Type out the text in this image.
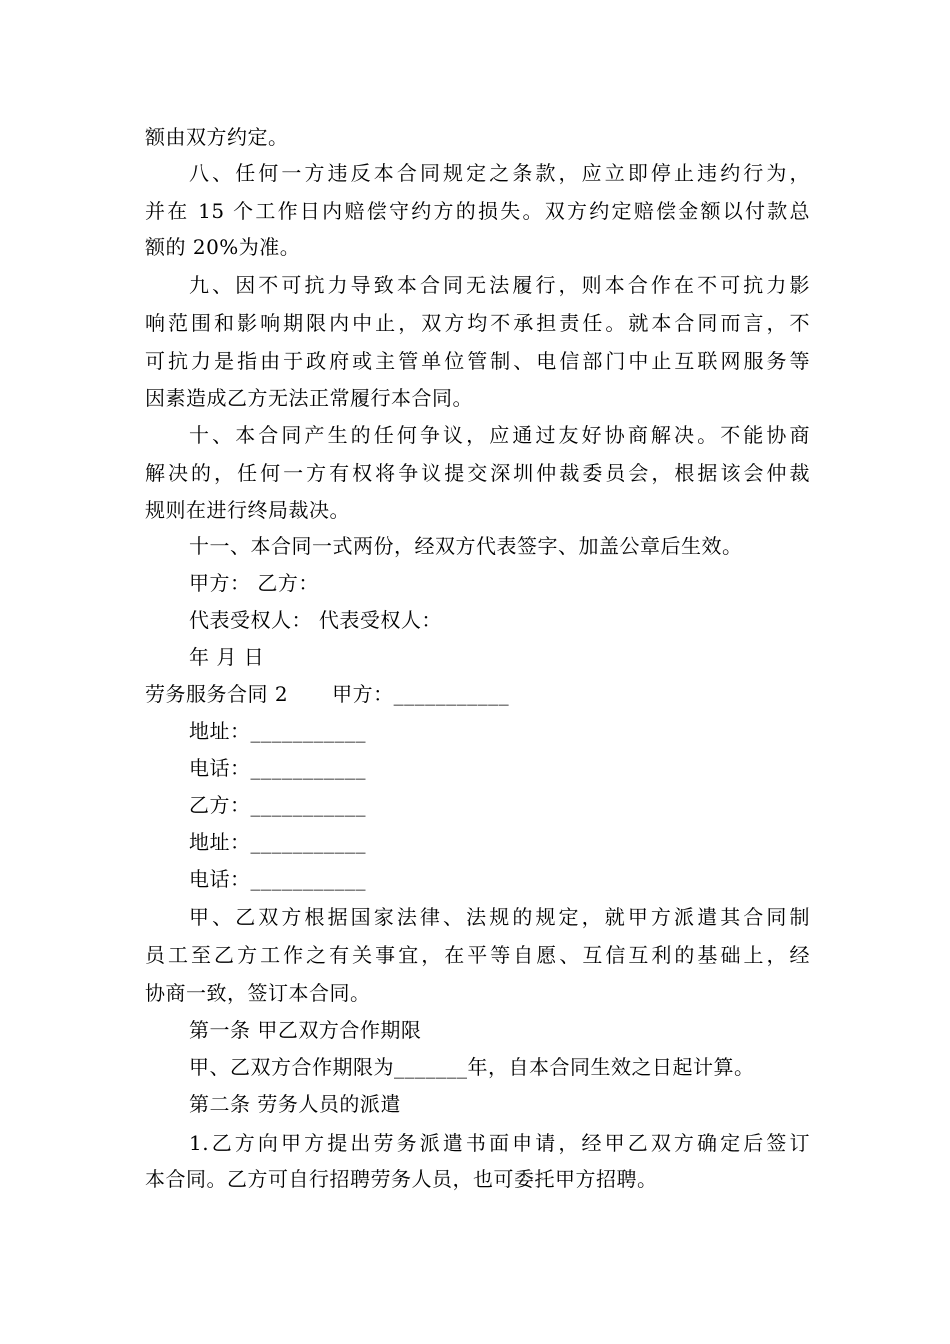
额由双方约定。
八、任何一方违反本合同规定之条款，应立即停止违约行为，
并在 15 个工作日内赔偿守约方的损失。双方约定赔偿金额以付款总
额的 20%为准。
九、因不可抗力导致本合同无法履行，则本合作在不可抗力影
响范围和影响期限内中止，双方均不承担责任。就本合同而言，不
可抗力是指由于政府或主管单位管制、电信部门中止互联网服务等
因素造成乙方无法正常履行本合同。
十、本合同产生的任何争议，应通过友好协商解决。不能协商
解决的，任何一方有权将争议提交深圳仲裁委员会，根据该会仲裁
规则在进行终局裁决。
十一、本合同一式两份，经双方代表签字、加盖公章后生效。
甲方： 乙方：
代表受权人： 代表受权人：
年 月 日
劳务服务合同 2 甲方：___________
地址：___________
电话：___________
乙方：___________
地址：___________
电话：___________
甲、乙双方根据国家法律、法规的规定，就甲方派遣其合同制
员工至乙方工作之有关事宜，在平等自愿、互信互利的基础上，经
协商一致，签订本合同。
第一条 甲乙双方合作期限
甲、乙双方合作期限为_______年，自本合同生效之日起计算。
第二条 劳务人员的派遣
1.乙方向甲方提出劳务派遣书面申请，经甲乙双方确定后签订
本合同。乙方可自行招聘劳务人员，也可委托甲方招聘。
